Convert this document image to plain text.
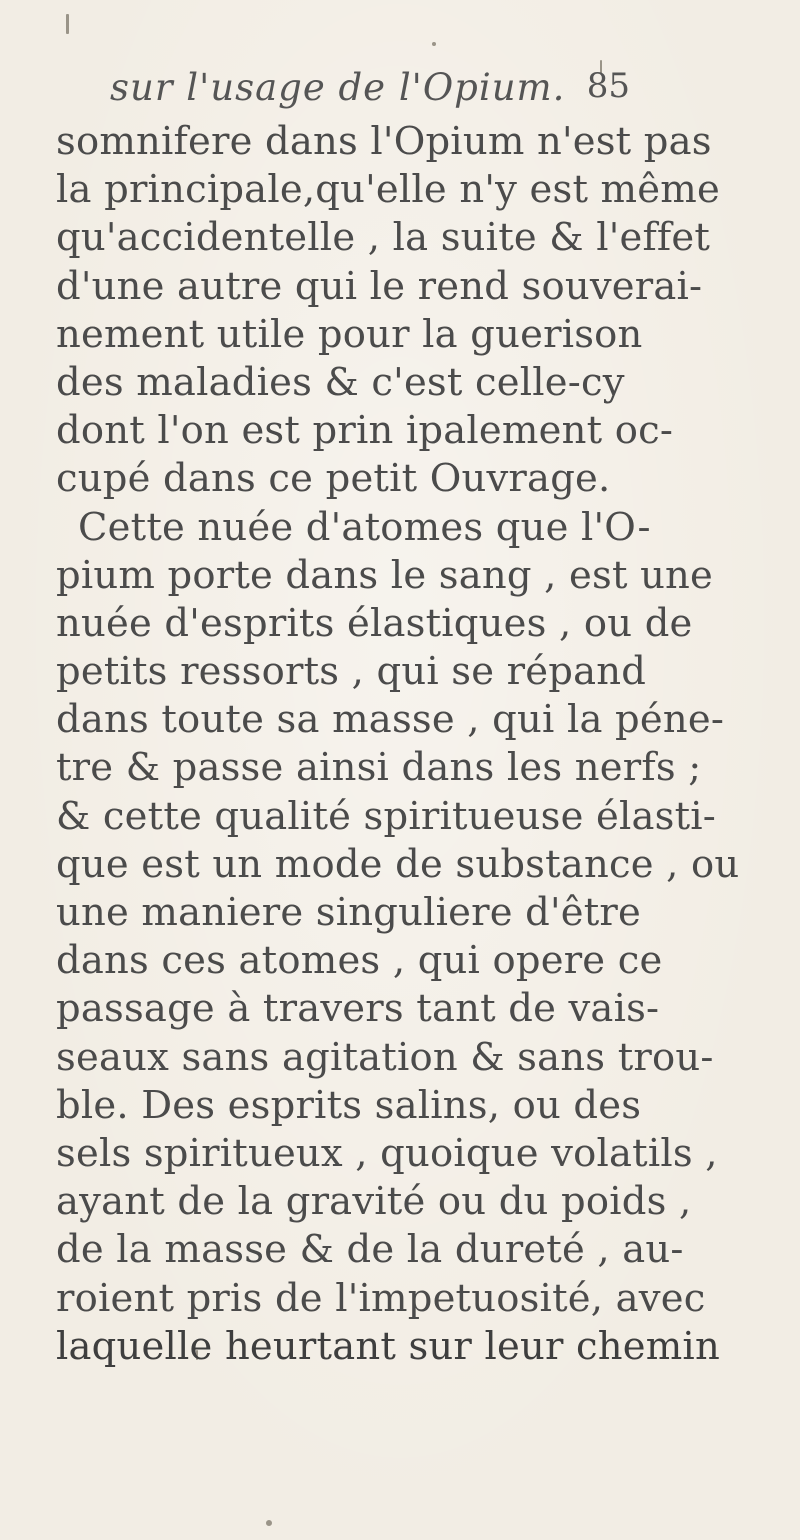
sur l'usage de l'Opium. 85
somnifere dans l'Opium n'est pas
la principale,qu'elle n'y est même
qu'accidentelle , la suite & l'effet
d'une autre qui le rend souverai-
nement utile pour la guerison
des maladies & c'est celle-cy
dont l'on est prin ipalement oc-
cupé dans ce petit Ouvrage.
Cette nuée d'atomes que l'O-
pium porte dans le sang , est une
nuée d'esprits élastiques , ou de
petits ressorts , qui se répand
dans toute sa masse , qui la péne-
tre & passe ainsi dans les nerfs ;
& cette qualité spiritueuse élasti-
que est un mode de substance , ou
une maniere singuliere d'être
dans ces atomes , qui opere ce
passage à travers tant de vais-
seaux sans agitation & sans trou-
ble. Des esprits salins, ou des
sels spiritueux , quoique volatils ,
ayant de la gravité ou du poids ,
de la masse & de la dureté , au-
roient pris de l'impetuosité, avec
laquelle heurtant sur leur chemin
